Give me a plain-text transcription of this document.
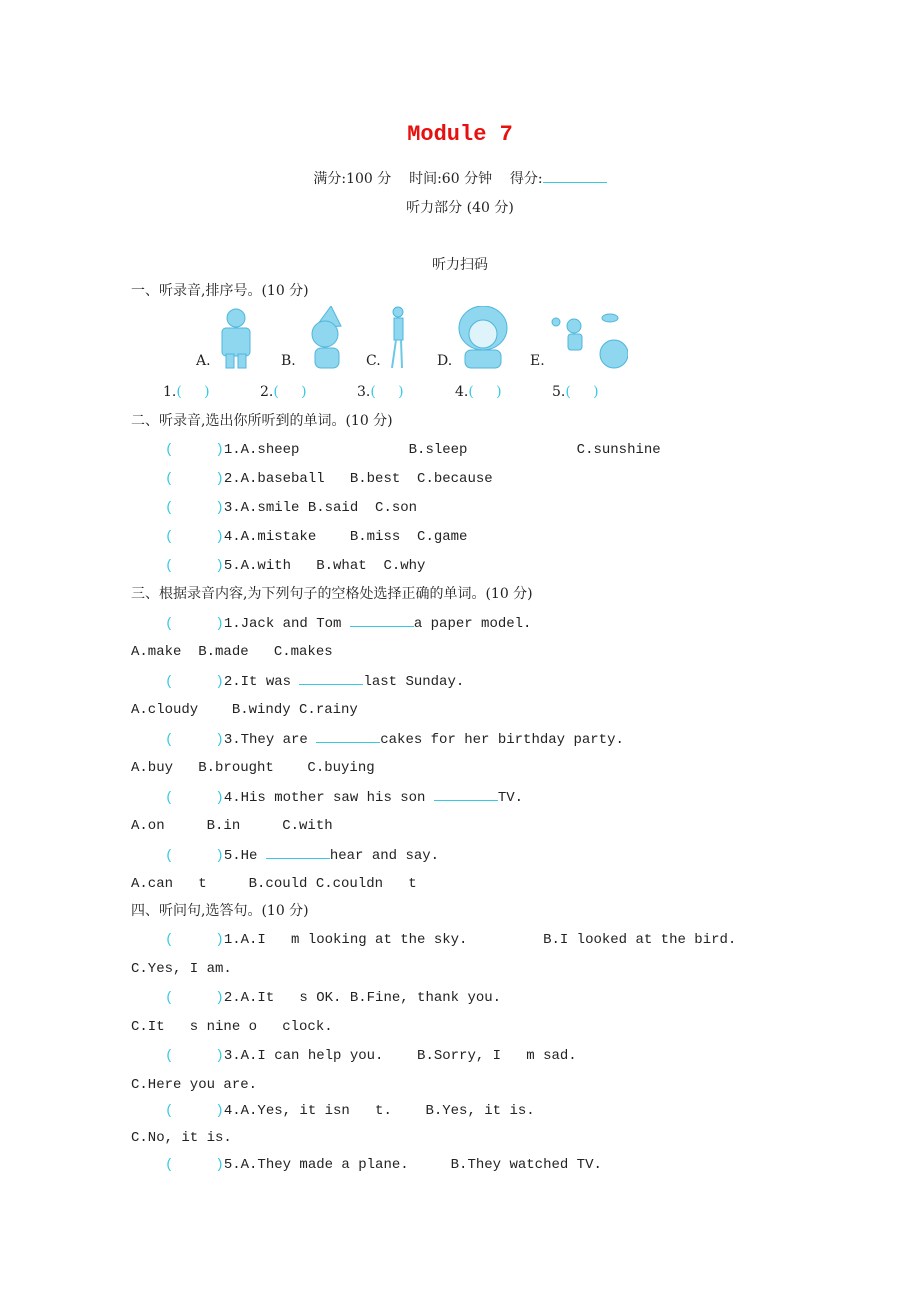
Module 7
满分:100 分 时间:60 分钟 得分:
听力部分 (40 分)
听力扫码
一、听录音,排序号。(10 分)
二、听录音,选出你所听到的单词。(10 分)
三、根据录音内容,为下列句子的空格处选择正确的单词。(10 分)
四、听问句,选答句。(10 分)
A.	B.	C.	D.	E.
1.(     )	2.(     )	3.(     )	4.(     )	5.(     )
(     )1.A.sheep             B.sleep             C.sunshine
(     )2.A.baseball   B.best  C.because
(     )3.A.smile B.said  C.son
(     )4.A.mistake    B.miss  C.game
(     )5.A.with   B.what  C.why
(     )1.Jack and Tom	a paper model.
A.make  B.made   C.makes
(     )2.It was	last Sunday.
A.cloudy    B.windy C.rainy
(     )3.They are	cakes for her birthday party.
A.buy   B.brought    C.buying
(     )4.His mother saw his son	TV.
A.on     B.in     C.with
(     )5.He	hear and say.
A.can   t     B.could C.couldn   t
(     )1.A.I   m looking at the sky.         B.I looked at the bird.
C.Yes, I am.
(     )2.A.It   s OK. B.Fine, thank you.
C.It   s nine o   clock.
(     )3.A.I can help you.    B.Sorry, I   m sad.
C.Here you are.
(     )4.A.Yes, it isn   t.    B.Yes, it is.
C.No, it is.
(     )5.A.They made a plane.     B.They watched TV.
